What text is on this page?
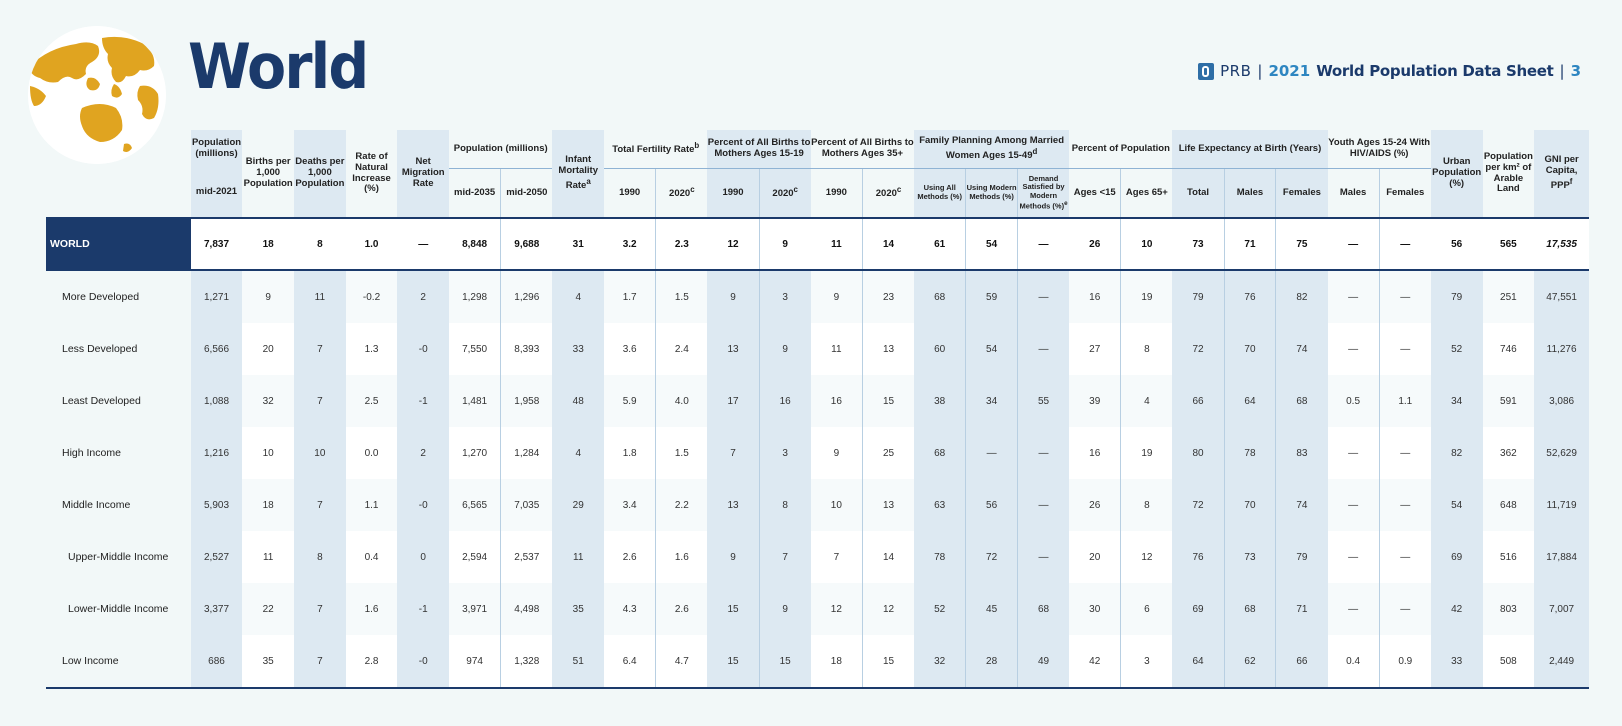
World	PRB | 2021 World Population Data Sheet | 3
	Population (millions)	Births per 1,000 Population	Deaths per 1,000 Population	Rate of Natural Increase (%)	Net Migration Rate	Population (millions)		Infant Mortality Rate$^a$	Total Fertility Rate$^b$		Percent of All Births to Mothers Ages 15-19		Percent of All Births to Mothers Ages 35+		Family Planning Among Married Women Ages 15-49$^d$			Percent of Population		Life Expectancy at Birth (Years)			Youth Ages 15-24 With HIV/AIDS (%)		Urban Population (%)	Population per km² of Arable Land	GNI per Capita, PPP$^f$
	mid-2021					mid-2035	mid-2050		1990	2020$^c$	1990	2020$^c$	1990	2020$^c$	Using All Methods (%)	Using Modern Methods (%)	Demand Satisfied by Modern Methods (%)$^e$	Ages <15	Ages 65+	Total	Males	Females	Males	Females			
WORLD	7,837	18	8	1.0	—	8,848	9,688	31	3.2	2.3	12	9	11	14	61	54	—	26	10	73	71	75	—	—	56	565	17,535
More Developed	1,271	9	11	-0.2	2	1,298	1,296	4	1.7	1.5	9	3	9	23	68	59	—	16	19	79	76	82	—	—	79	251	47,551
Less Developed	6,566	20	7	1.3	-0	7,550	8,393	33	3.6	2.4	13	9	11	13	60	54	—	27	8	72	70	74	—	—	52	746	11,276
Least Developed	1,088	32	7	2.5	-1	1,481	1,958	48	5.9	4.0	17	16	16	15	38	34	55	39	4	66	64	68	0.5	1.1	34	591	3,086
High Income	1,216	10	10	0.0	2	1,270	1,284	4	1.8	1.5	7	3	9	25	68	—	—	16	19	80	78	83	—	—	82	362	52,629
Middle Income	5,903	18	7	1.1	-0	6,565	7,035	29	3.4	2.2	13	8	10	13	63	56	—	26	8	72	70	74	—	—	54	648	11,719
Upper-Middle Income	2,527	11	8	0.4	0	2,594	2,537	11	2.6	1.6	9	7	7	14	78	72	—	20	12	76	73	79	—	—	69	516	17,884
Lower-Middle Income	3,377	22	7	1.6	-1	3,971	4,498	35	4.3	2.6	15	9	12	12	52	45	68	30	6	69	68	71	—	—	42	803	7,007
Low Income	686	35	7	2.8	-0	974	1,328	51	6.4	4.7	15	15	18	15	32	28	49	42	3	64	62	66	0.4	0.9	33	508	2,449
